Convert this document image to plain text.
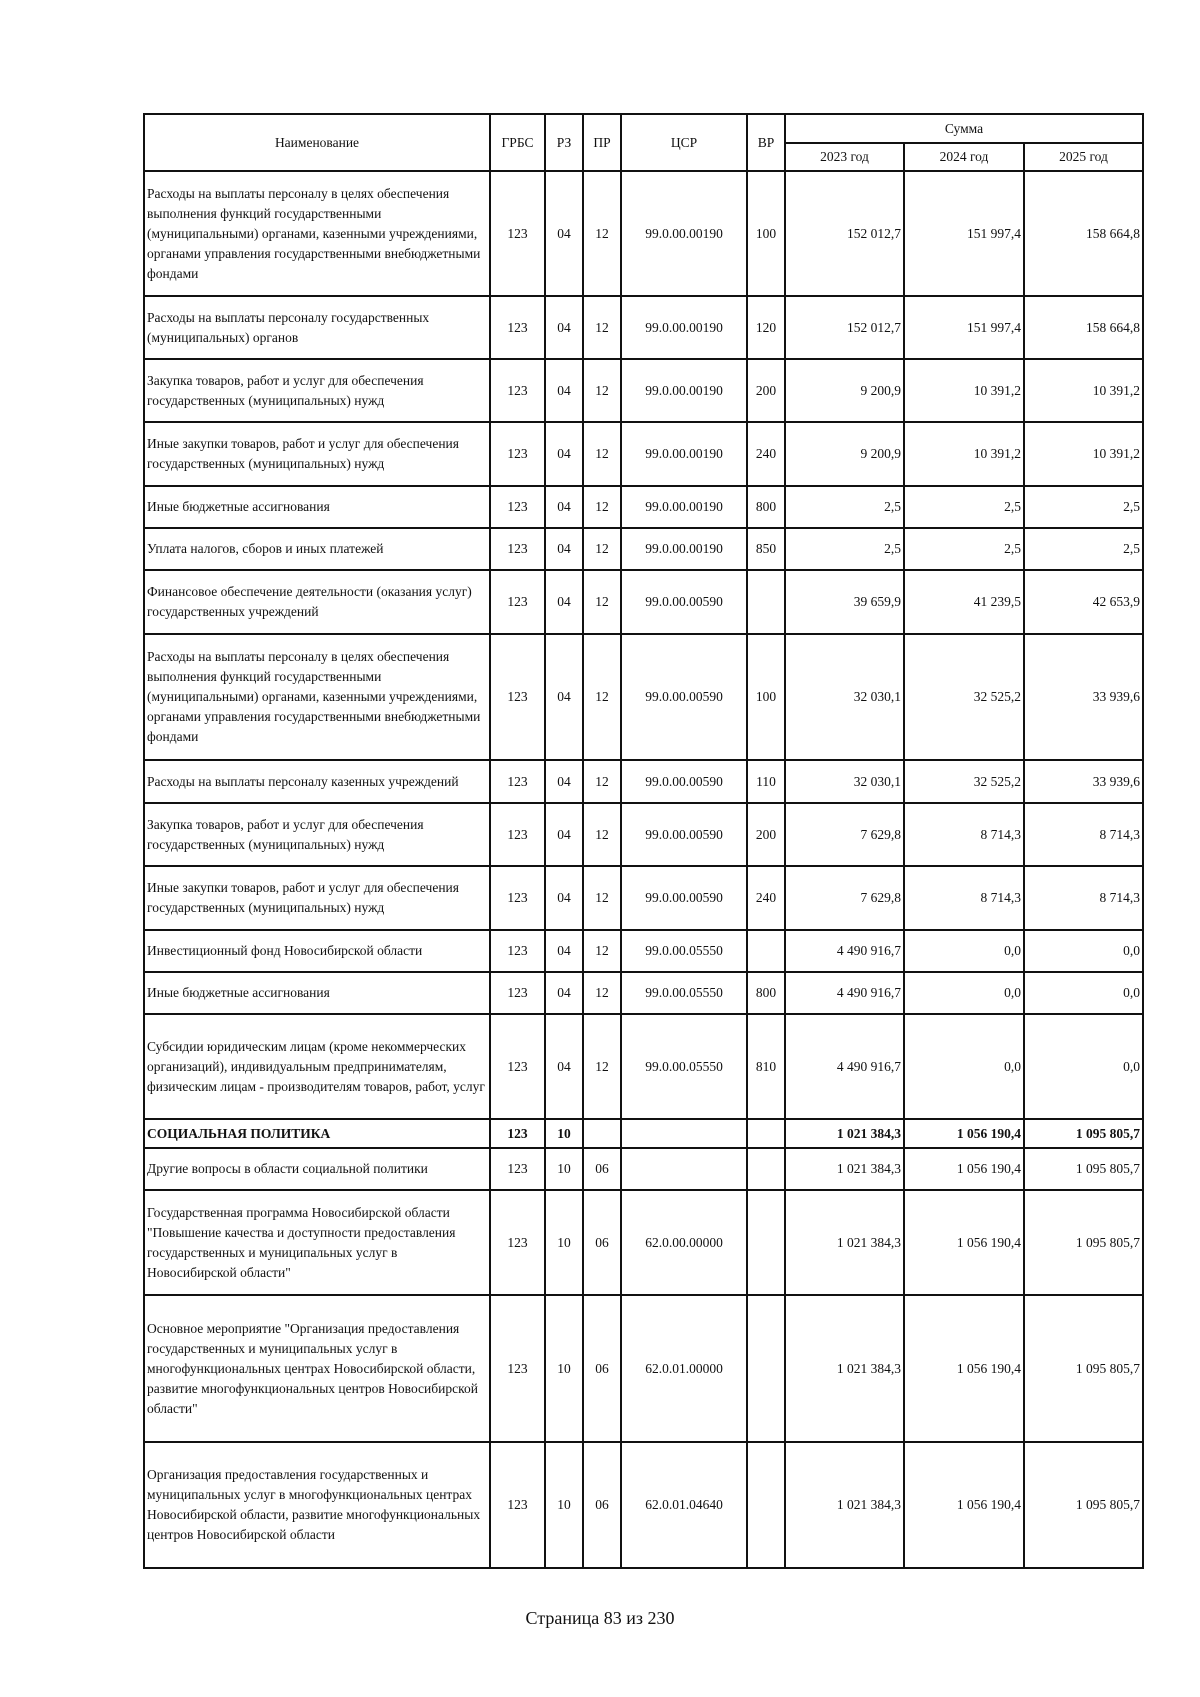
Наименование	ГРБС	РЗ	ПР	ЦСР	ВР	Сумма		
						2023 год	2024 год	2025 год
Расходы на выплаты персоналу в целях обеспечения выполнения функций государственными (муниципальными) органами, казенными учреждениями, органами управления государственными внебюджетными фондами	123	04	12	99.0.00.00190	100	152 012,7	151 997,4	158 664,8
Расходы на выплаты персоналу государственных (муниципальных) органов	123	04	12	99.0.00.00190	120	152 012,7	151 997,4	158 664,8
Закупка товаров, работ и услуг для обеспечения государственных (муниципальных) нужд	123	04	12	99.0.00.00190	200	9 200,9	10 391,2	10 391,2
Иные закупки товаров, работ и услуг для обеспечения государственных (муниципальных) нужд	123	04	12	99.0.00.00190	240	9 200,9	10 391,2	10 391,2
Иные бюджетные ассигнования	123	04	12	99.0.00.00190	800	2,5	2,5	2,5
Уплата налогов, сборов и иных платежей	123	04	12	99.0.00.00190	850	2,5	2,5	2,5
Финансовое обеспечение деятельности (оказания услуг) государственных учреждений	123	04	12	99.0.00.00590		39 659,9	41 239,5	42 653,9
Расходы на выплаты персоналу в целях обеспечения выполнения функций государственными (муниципальными) органами, казенными учреждениями, органами управления государственными внебюджетными фондами	123	04	12	99.0.00.00590	100	32 030,1	32 525,2	33 939,6
Расходы на выплаты персоналу казенных учреждений	123	04	12	99.0.00.00590	110	32 030,1	32 525,2	33 939,6
Закупка товаров, работ и услуг для обеспечения государственных (муниципальных) нужд	123	04	12	99.0.00.00590	200	7 629,8	8 714,3	8 714,3
Иные закупки товаров, работ и услуг для обеспечения государственных (муниципальных) нужд	123	04	12	99.0.00.00590	240	7 629,8	8 714,3	8 714,3
Инвестиционный фонд Новосибирской области	123	04	12	99.0.00.05550		4 490 916,7	0,0	0,0
Иные бюджетные ассигнования	123	04	12	99.0.00.05550	800	4 490 916,7	0,0	0,0
Субсидии юридическим лицам (кроме некоммерческих организаций), индивидуальным предпринимателям, физическим лицам - производителям товаров, работ, услуг	123	04	12	99.0.00.05550	810	4 490 916,7	0,0	0,0
СОЦИАЛЬНАЯ ПОЛИТИКА	123	10				1 021 384,3	1 056 190,4	1 095 805,7
Другие вопросы в области социальной политики	123	10	06			1 021 384,3	1 056 190,4	1 095 805,7
Государственная программа Новосибирской области "Повышение качества и доступности предоставления государственных и муниципальных услуг в Новосибирской области"	123	10	06	62.0.00.00000		1 021 384,3	1 056 190,4	1 095 805,7
Основное мероприятие "Организация предоставления государственных и муниципальных услуг в многофункциональных центрах Новосибирской области, развитие многофункциональных центров Новосибирской области"	123	10	06	62.0.01.00000		1 021 384,3	1 056 190,4	1 095 805,7
Организация предоставления государственных и муниципальных услуг в многофункциональных центрах Новосибирской области, развитие многофункциональных центров Новосибирской области	123	10	06	62.0.01.04640		1 021 384,3	1 056 190,4	1 095 805,7
Страница 83 из 230
